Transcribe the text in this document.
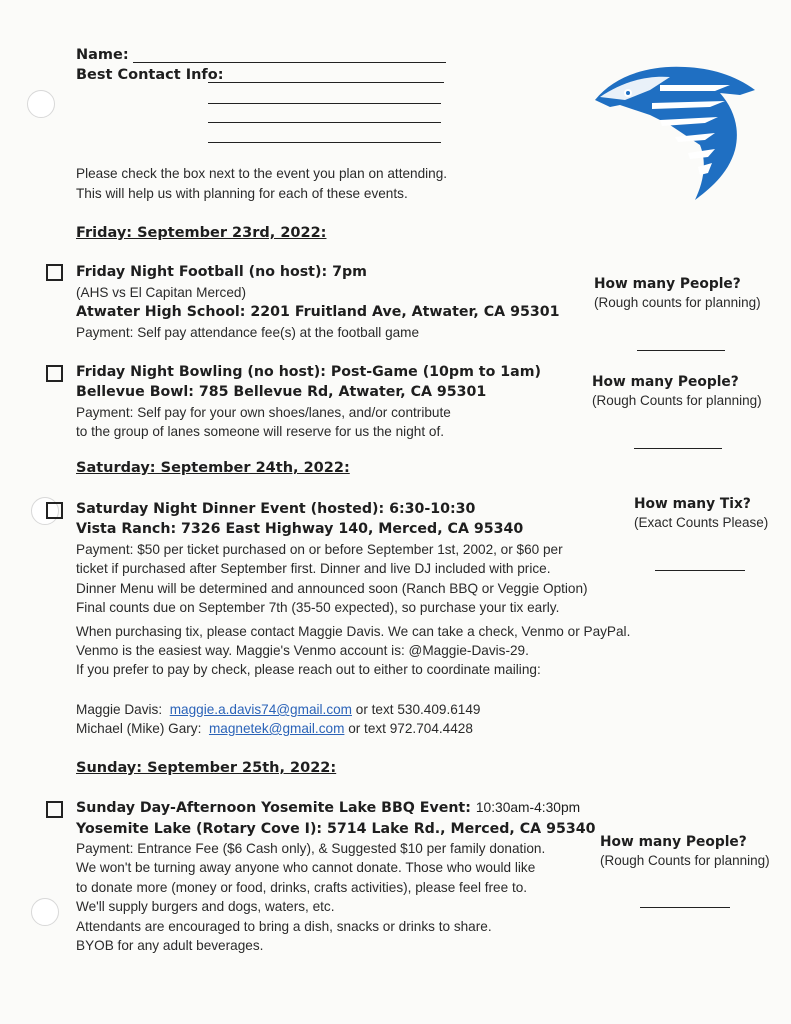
Name:
Best Contact Info:
Please check the box next to the event you plan on attending.
This will help us with planning for each of these events.
Friday: September 23rd, 2022:
Friday Night Football (no host): 7pm
(AHS vs El Capitan Merced)
Atwater High School: 2201 Fruitland Ave, Atwater, CA 95301
Payment: Self pay attendance fee(s) at the football game
How many People?
(Rough counts for planning)
Friday Night Bowling (no host): Post-Game (10pm to 1am)
Bellevue Bowl: 785 Bellevue Rd, Atwater, CA 95301
Payment: Self pay for your own shoes/lanes, and/or contribute
to the group of lanes someone will reserve for us the night of.
How many People?
(Rough Counts for planning)
Saturday: September 24th, 2022:
Saturday Night Dinner Event (hosted): 6:30-10:30
Vista Ranch: 7326 East Highway 140, Merced, CA 95340
Payment: $50 per ticket purchased on or before September 1st, 2002, or $60 per
ticket if purchased after September first. Dinner and live DJ included with price.
Dinner Menu will be determined and announced soon (Ranch BBQ or Veggie Option)
Final counts due on September 7th (35-50 expected), so purchase your tix early.
When purchasing tix, please contact Maggie Davis. We can take a check, Venmo or PayPal.
Venmo is the easiest way. Maggie's Venmo account is: @Maggie-Davis-29.
If you prefer to pay by check, please reach out to either to coordinate mailing:
Maggie Davis: maggie.a.davis74@gmail.com or text 530.409.6149
Michael (Mike) Gary: magnetek@gmail.com or text 972.704.4428
How many Tix?
(Exact Counts Please)
Sunday: September 25th, 2022:
Sunday Day-Afternoon Yosemite Lake BBQ Event: 10:30am-4:30pm
Yosemite Lake (Rotary Cove I): 5714 Lake Rd., Merced, CA 95340
Payment: Entrance Fee ($6 Cash only), & Suggested $10 per family donation.
We won't be turning away anyone who cannot donate. Those who would like
to donate more (money or food, drinks, crafts activities), please feel free to.
We'll supply burgers and dogs, waters, etc.
Attendants are encouraged to bring a dish, snacks or drinks to share.
BYOB for any adult beverages.
How many People?
(Rough Counts for planning)
